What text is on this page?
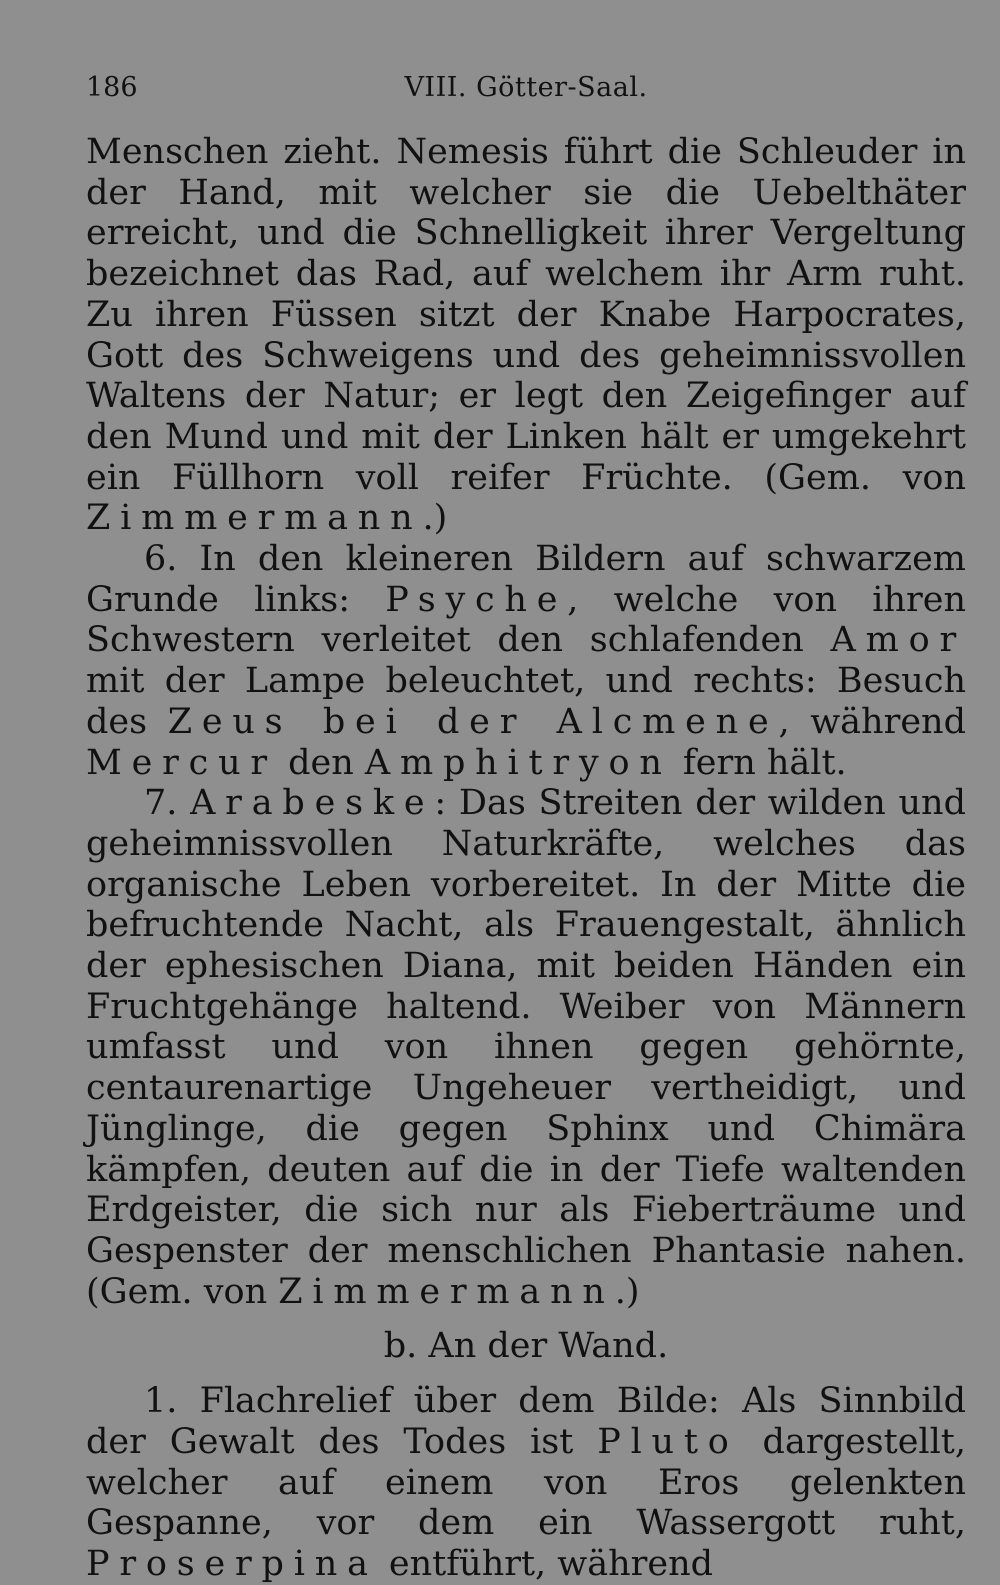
186	VIII. Götter-Saal.

Menschen zieht. Nemesis führt die Schleuder in der Hand, mit welcher sie die Uebelthäter erreicht, und die Schnelligkeit ihrer Vergeltung bezeichnet das Rad, auf welchem ihr Arm ruht. Zu ihren Füssen sitzt der Knabe Harpocrates, Gott des Schweigens und des geheimnissvollen Waltens der Natur; er legt den Zeigefinger auf den Mund und mit der Linken hält er umgekehrt ein Füllhorn voll reifer Früchte. (Gem. von Zimmermann.)

6. In den kleineren Bildern auf schwarzem Grunde links: Psyche, welche von ihren Schwestern verleitet den schlafenden Amor mit der Lampe beleuchtet, und rechts: Besuch des Zeus bei der Alcmene, während Mercur den Amphitryon fern hält.

7. Arabeske: Das Streiten der wilden und geheimnissvollen Naturkräfte, welches das organische Leben vorbereitet. In der Mitte die befruchtende Nacht, als Frauengestalt, ähnlich der ephesischen Diana, mit beiden Händen ein Fruchtgehänge haltend. Weiber von Männern umfasst und von ihnen gegen gehörnte, centaurenartige Ungeheuer vertheidigt, und Jünglinge, die gegen Sphinx und Chimära kämpfen, deuten auf die in der Tiefe waltenden Erdgeister, die sich nur als Fieberträume und Gespenster der menschlichen Phantasie nahen. (Gem. von Zimmermann.)

b. An der Wand.

1. Flachrelief über dem Bilde: Als Sinnbild der Gewalt des Todes ist Pluto dargestellt, welcher auf einem von Eros gelenkten Gespanne, vor dem ein Wassergott ruht, Proserpina entführt, während
